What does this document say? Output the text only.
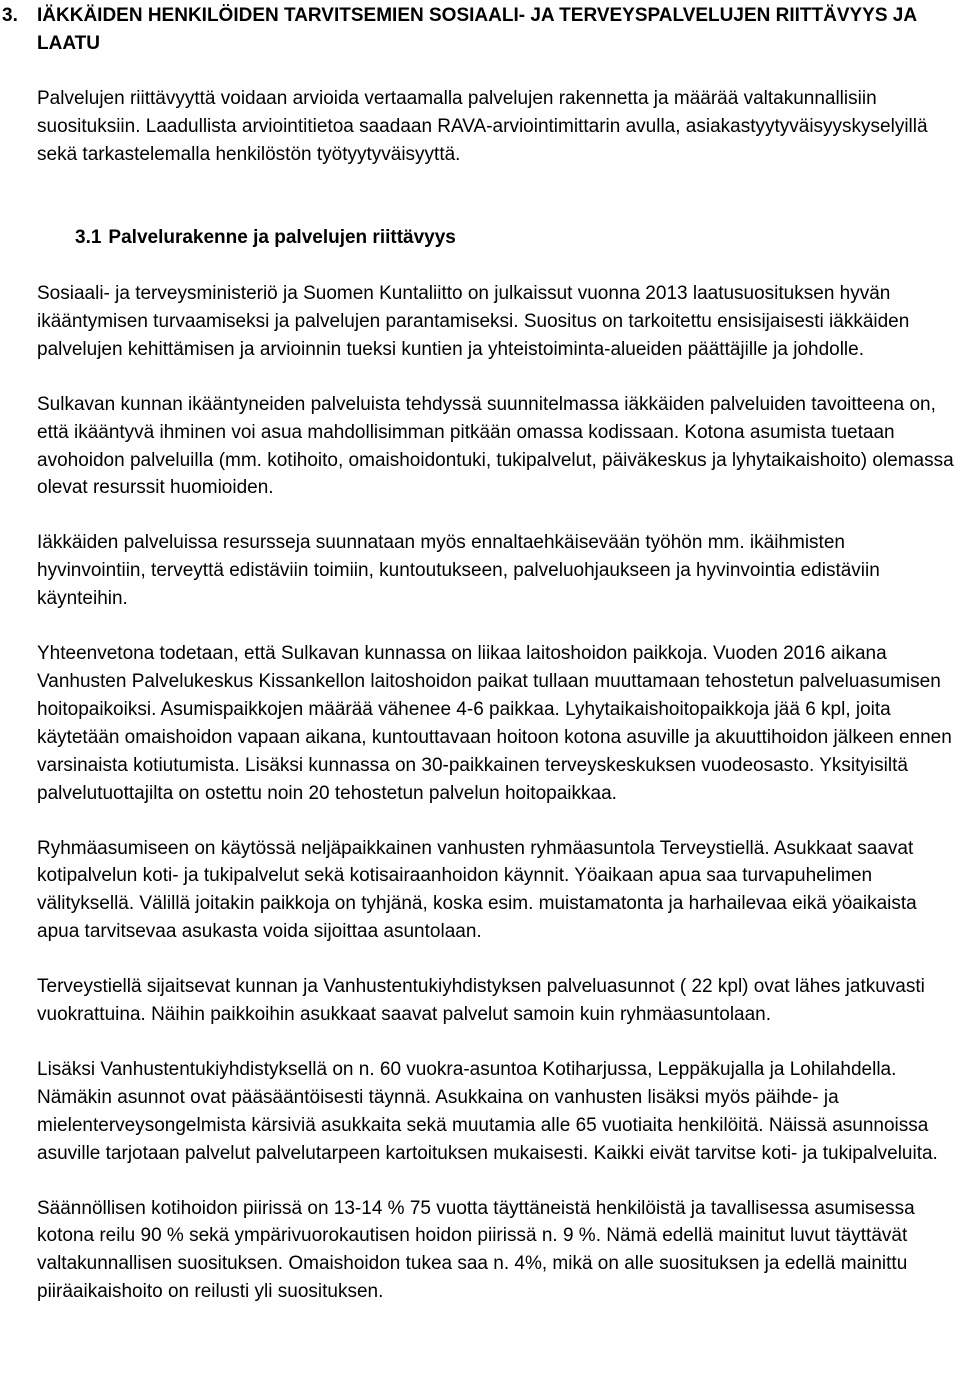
3. IÄKKÄIDEN HENKILÖIDEN TARVITSEMIEN SOSIAALI- JA TERVEYSPALVELUJEN RIITTÄVYYS JA LAATU
Palvelujen riittävyyttä voidaan arvioida vertaamalla palvelujen rakennetta ja määrää valtakunnallisiin suosituksiin. Laadullista arviointitietoa saadaan RAVA-arviointimittarin avulla, asiakastyytyväisyyskyselyillä sekä tarkastelemalla henkilöstön työtyytyväisyyttä.
3.1 Palvelurakenne ja palvelujen riittävyys

Sosiaali- ja terveysministeriö ja Suomen Kuntaliitto on julkaissut vuonna 2013 laatusuosituksen hyvän ikääntymisen turvaamiseksi ja palvelujen parantamiseksi. Suositus on tarkoitettu ensisijaisesti iäkkäiden palvelujen kehittämisen ja arvioinnin tueksi kuntien ja yhteistoiminta-alueiden päättäjille ja johdolle.

Sulkavan kunnan ikääntyneiden palveluista tehdyssä suunnitelmassa iäkkäiden palveluiden tavoitteena on, että ikääntyvä ihminen voi asua mahdollisimman pitkään omassa kodissaan. Kotona asumista tuetaan avohoidon palveluilla (mm. kotihoito, omaishoidontuki, tukipalvelut, päiväkeskus ja lyhytaikaishoito) olemassa olevat resurssit huomioiden.

Iäkkäiden palveluissa resursseja suunnataan myös ennaltaehkäisevään työhön mm. ikäihmisten hyvinvointiin, terveyttä edistäviin toimiin, kuntoutukseen, palveluohjaukseen ja hyvinvointia edistäviin käynteihin.

Yhteenvetona todetaan, että Sulkavan kunnassa on liikaa laitoshoidon paikkoja. Vuoden 2016 aikana Vanhusten Palvelukeskus Kissankellon laitoshoidon paikat tullaan muuttamaan tehostetun palveluasumisen hoitopaikoiksi. Asumispaikkojen määrää vähenee 4-6 paikkaa. Lyhytaikaishoitopaikkoja jää 6 kpl, joita käytetään omaishoidon vapaan aikana, kuntouttavaan hoitoon kotona asuville ja akuuttihoidon jälkeen ennen varsinaista kotiutumista. Lisäksi kunnassa on 30-paikkainen terveyskeskuksen vuodeosasto. Yksityisiltä palvelutuottajilta on ostettu noin 20 tehostetun palvelun hoitopaikkaa.

Ryhmäasumiseen on käytössä neljäpaikkainen vanhusten ryhmäasuntola Terveystiellä. Asukkaat saavat kotipalvelun koti- ja tukipalvelut sekä kotisairaanhoidon käynnit. Yöaikaan apua saa turvapuhelimen välityksellä. Välillä joitakin paikkoja on tyhjänä, koska esim. muistamatonta ja harhailevaa eikä yöaikaista apua tarvitsevaa asukasta voida sijoittaa asuntolaan.

Terveystiellä sijaitsevat kunnan ja Vanhustentukiyhdistyksen palveluasunnot ( 22 kpl) ovat lähes jatkuvasti vuokrattuina. Näihin paikkoihin asukkaat saavat palvelut samoin kuin ryhmäasuntolaan.

Lisäksi Vanhustentukiyhdistyksellä on n. 60 vuokra-asuntoa Kotiharjussa, Leppäkujalla ja Lohilahdella. Nämäkin asunnot ovat pääsääntöisesti täynnä. Asukkaina on vanhusten lisäksi myös päihde- ja mielenterveysongelmista kärsiviä asukkaita sekä muutamia alle 65 vuotiaita henkilöitä. Näissä asunnoissa asuville tarjotaan palvelut palvelutarpeen kartoituksen mukaisesti. Kaikki eivät tarvitse koti- ja tukipalveluita.

Säännöllisen kotihoidon piirissä on 13-14 % 75 vuotta täyttäneistä henkilöistä ja tavallisessa asumisessa kotona reilu 90 % sekä ympärivuorokautisen hoidon piirissä n. 9 %. Nämä edellä mainitut luvut täyttävät valtakunnallisen suosituksen. Omaishoidon tukea saa n. 4%, mikä on alle suosituksen ja edellä mainittu piiräaikaishoito on reilusti yli suosituksen.
